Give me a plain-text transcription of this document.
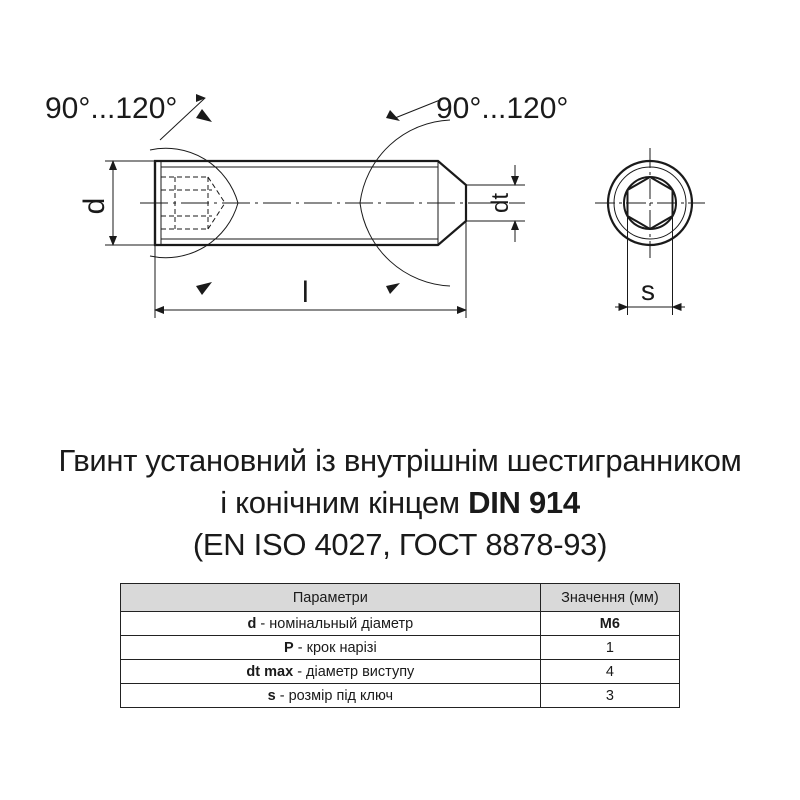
90°...120°	90°...120°
d	dt
l	s
Гвинт установний із внутрішнім шестигранником
і конічним кінцем DIN 914
(EN ISO 4027, ГОСТ 8878-93)
Параметри	Значення (мм)
d - номінальный діаметр	M6
P - крок нарізі	1
dt max - діаметр виступу	4
s - розмір під ключ	3
